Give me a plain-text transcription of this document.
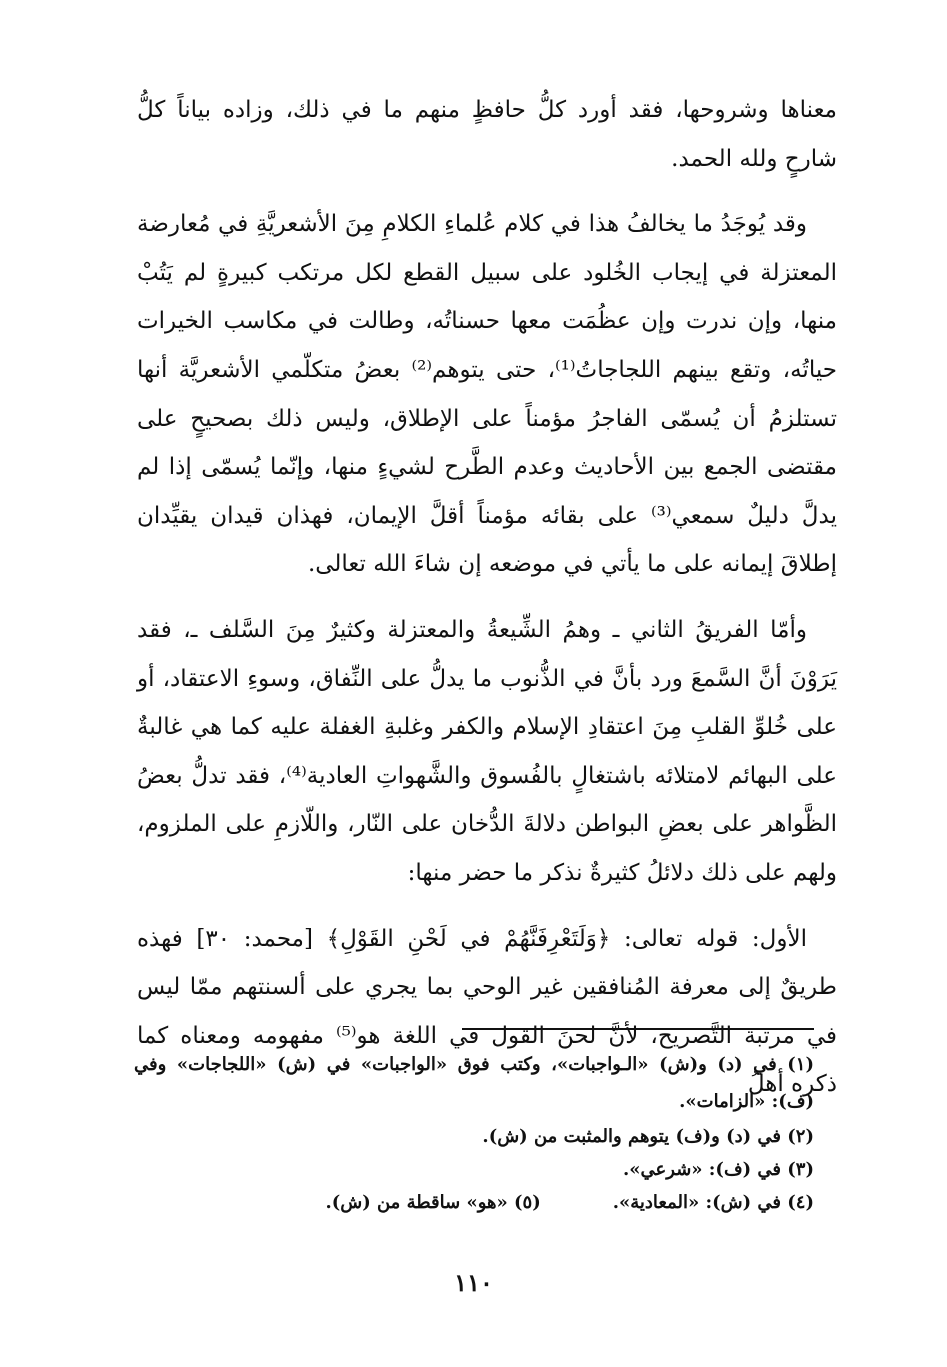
معناها وشروحها، فقد أورد كلُّ حافظٍ منهم ما في ذلك، وزاده بياناً كلُّ شارحٍ ولله الحمد.

وقد يُوجَدُ ما يخالفُ هذا في كلام عُلماءِ الكلامِ مِنَ الأشعريَّةِ في مُعارضة المعتزلة في إيجاب الخُلود على سبيل القطع لكل مرتكب كبيرةٍ لم يَتُبْ منها، وإن ندرت وإن عظُمَت معها حسناتُه، وطالت في مكاسب الخيرات حياتُه، وتقع بينهم اللجاجاتُ⁽¹⁾، حتى يتوهم⁽²⁾ بعضُ متكلّمي الأشعريَّة أنها تستلزمُ أن يُسمّى الفاجرُ مؤمناً على الإطلاق، وليس ذلك بصحيحٍ على مقتضى الجمع بين الأحاديث وعدم الطَّرح لشيءٍ منها، وإنّما يُسمّى إذا لم يدلَّ دليلٌ سمعي⁽³⁾ على بقائه مؤمناً أقلَّ الإيمان، فهذان قيدان يقيِّدان إطلاقَ إيمانه على ما يأتي في موضعه إن شاءَ الله تعالى.

وأمّا الفريقُ الثاني ـ وهمُ الشِّيعةُ والمعتزلة وكثيرٌ مِنَ السَّلف ـ، فقد يَرَوْنَ أنَّ السَّمعَ ورد بأنَّ في الذُّنوب ما يدلُّ على النِّفاق، وسوءِ الاعتقاد، أو على خُلوِّ القلبِ مِنَ اعتقادِ الإسلام والكفر وغلبةِ الغفلة عليه كما هي غالبةٌ على البهائم لامتلائه باشتغالٍ بالفُسوق والشَّهواتِ العادية⁽⁴⁾، فقد تدلُّ بعضُ الظَّواهر على بعضِ البواطن دلالةَ الدُّخان على النّار، واللّازمِ على الملزوم، ولهم على ذلك دلائلُ كثيرةٌ نذكر ما حضر منها:

الأول: قوله تعالى: ﴿وَلَتَعْرِفَنَّهُمْ في لَحْنِ القَوْلِ﴾ [محمد: ٣٠] فهذه طريقٌ إلى معرفة المُنافقين غير الوحي بما يجري على ألسنتهم ممّا ليس في مرتبة التَّصريح، لأنَّ لحنَ القول في اللغة هو⁽⁵⁾ مفهومه ومعناه كما ذكره أهلُ

(١) في (د) و(ش) «الـواجبات»، وكتب فوق «الواجبات» في (ش) «اللجاجات» وفي (ف): «الزامات».

(٢) في (د) و(ف) يتوهم والمثبت من (ش).

(٣) في (ف): «شرعي».

(٤) في (ش): «المعادية».

(٥) «هو» ساقطة من (ش).

١١٠
